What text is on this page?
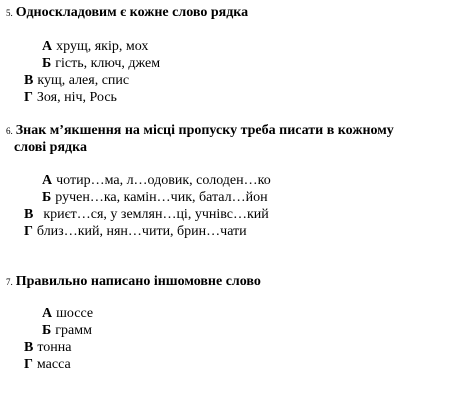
5. Односкладовим є кожне слово рядка
А хрущ, якір, мох
Б гість, ключ, джем
В кущ, алея, спис
Г Зоя, ніч, Рось
6. Знак м’якшення на місці пропуску треба писати в кожному
слові рядка
А чотир…ма, л…одовик, солоден…ко
Б ручен…ка, камін…чик, батал…йон
В криєт…ся, у землян…ці, учнівс…кий
Г близ…кий, нян…чити, брин…чати
7. Правильно написано іншомовне слово
А шоссе
Б грамм
В тонна
Г масса
